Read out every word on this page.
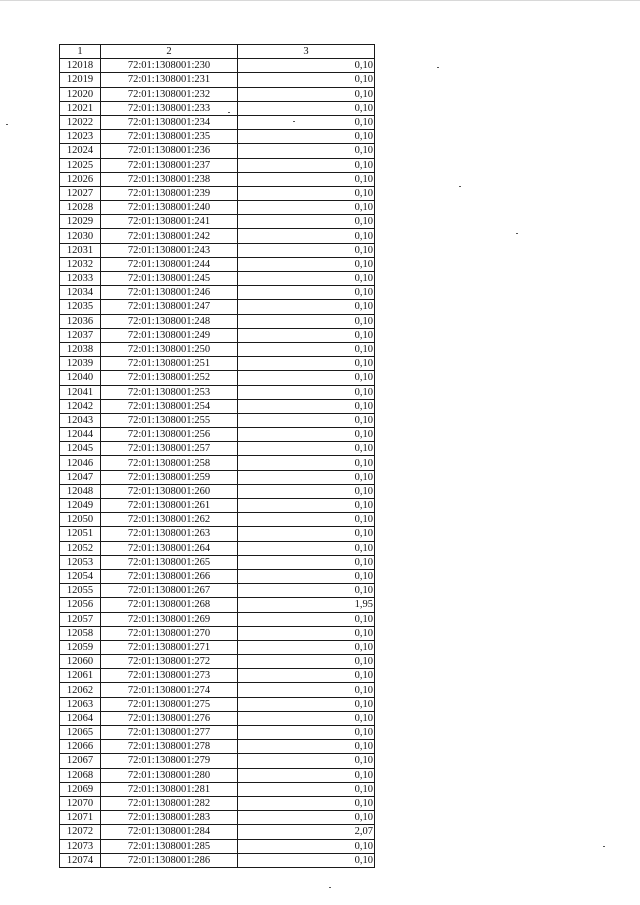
1	2	3
12018	72:01:1308001:230	0,10
12019	72:01:1308001:231	0,10
12020	72:01:1308001:232	0,10
12021	72:01:1308001:233	0,10
12022	72:01:1308001:234	0,10
12023	72:01:1308001:235	0,10
12024	72:01:1308001:236	0,10
12025	72:01:1308001:237	0,10
12026	72:01:1308001:238	0,10
12027	72:01:1308001:239	0,10
12028	72:01:1308001:240	0,10
12029	72:01:1308001:241	0,10
12030	72:01:1308001:242	0,10
12031	72:01:1308001:243	0,10
12032	72:01:1308001:244	0,10
12033	72:01:1308001:245	0,10
12034	72:01:1308001:246	0,10
12035	72:01:1308001:247	0,10
12036	72:01:1308001:248	0,10
12037	72:01:1308001:249	0,10
12038	72:01:1308001:250	0,10
12039	72:01:1308001:251	0,10
12040	72:01:1308001:252	0,10
12041	72:01:1308001:253	0,10
12042	72:01:1308001:254	0,10
12043	72:01:1308001:255	0,10
12044	72:01:1308001:256	0,10
12045	72:01:1308001:257	0,10
12046	72:01:1308001:258	0,10
12047	72:01:1308001:259	0,10
12048	72:01:1308001:260	0,10
12049	72:01:1308001:261	0,10
12050	72:01:1308001:262	0,10
12051	72:01:1308001:263	0,10
12052	72:01:1308001:264	0,10
12053	72:01:1308001:265	0,10
12054	72:01:1308001:266	0,10
12055	72:01:1308001:267	0,10
12056	72:01:1308001:268	1,95
12057	72:01:1308001:269	0,10
12058	72:01:1308001:270	0,10
12059	72:01:1308001:271	0,10
12060	72:01:1308001:272	0,10
12061	72:01:1308001:273	0,10
12062	72:01:1308001:274	0,10
12063	72:01:1308001:275	0,10
12064	72:01:1308001:276	0,10
12065	72:01:1308001:277	0,10
12066	72:01:1308001:278	0,10
12067	72:01:1308001:279	0,10
12068	72:01:1308001:280	0,10
12069	72:01:1308001:281	0,10
12070	72:01:1308001:282	0,10
12071	72:01:1308001:283	0,10
12072	72:01:1308001:284	2,07
12073	72:01:1308001:285	0,10
12074	72:01:1308001:286	0,10
